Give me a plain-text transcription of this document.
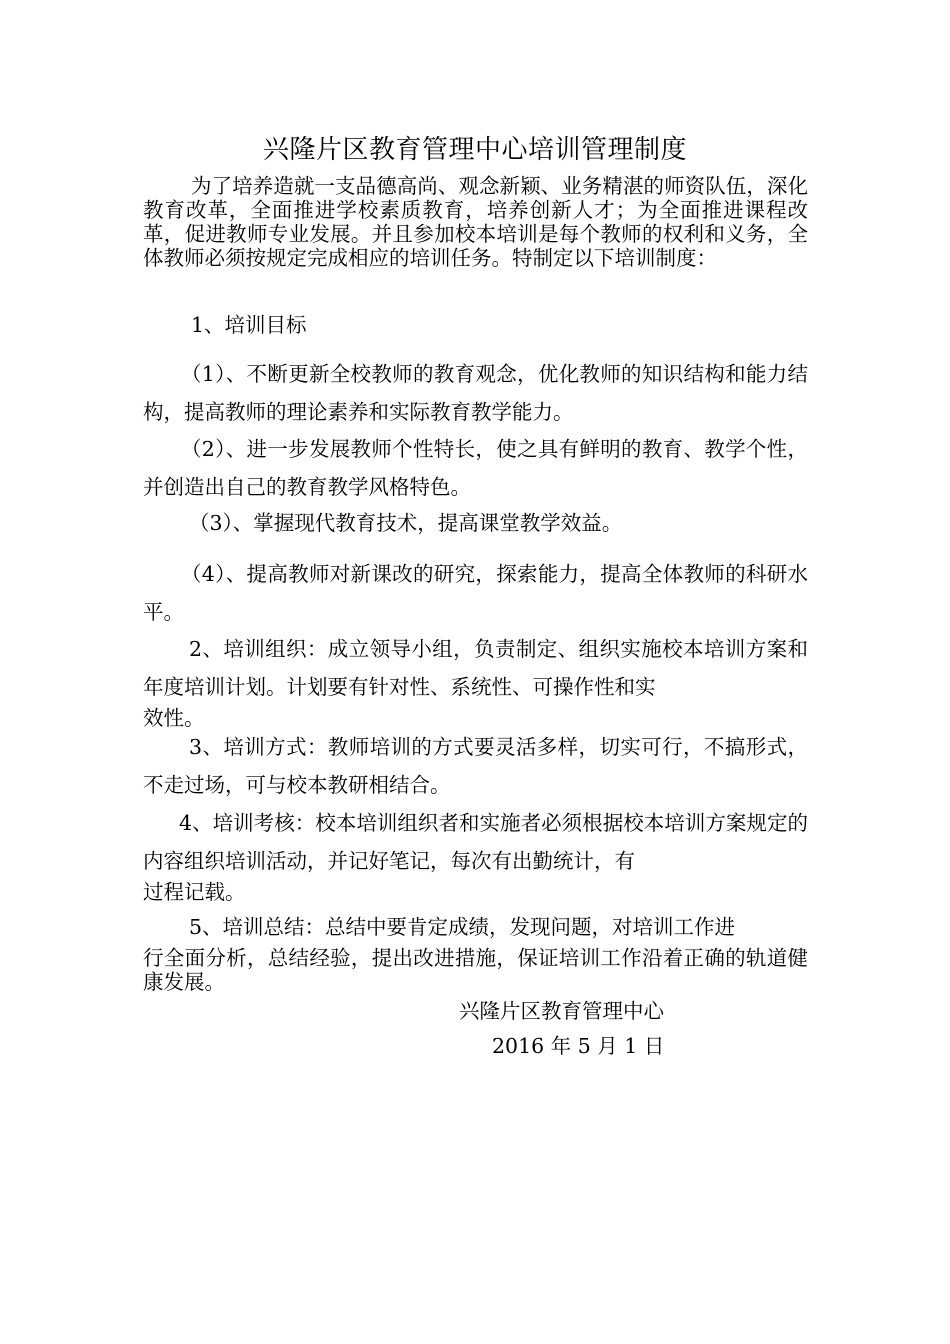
兴隆片区教育管理中心培训管理制度

为了培养造就一支品德高尚、观念新颖、业务精湛的师资队伍，深化教育改革，全面推进学校素质教育，培养创新人才；为全面推进课程改革，促进教师专业发展。并且参加校本培训是每个教师的权利和义务，全体教师必须按规定完成相应的培训任务。特制定以下培训制度：

1、培训目标

（1）、不断更新全校教师的教育观念，优化教师的知识结构和能力结构，提高教师的理论素养和实际教育教学能力。

（2）、进一步发展教师个性特长，使之具有鲜明的教育、教学个性，并创造出自己的教育教学风格特色。

（3）、掌握现代教育技术，提高课堂教学效益。

（4）、提高教师对新课改的研究，探索能力，提高全体教师的科研水平。

2、培训组织：成立领导小组，负责制定、组织实施校本培训方案和年度培训计划。计划要有针对性、系统性、可操作性和实

效性。

3、培训方式：教师培训的方式要灵活多样，切实可行，不搞形式，不走过场，可与校本教研相结合。

4、培训考核：校本培训组织者和实施者必须根据校本培训方案规定的内容组织培训活动，并记好笔记，每次有出勤统计，有

过程记载。

5、培训总结：总结中要肯定成绩，发现问题，对培训工作进

行全面分析，总结经验，提出改进措施，保证培训工作沿着正确的轨道健康发展。

兴隆片区教育管理中心
2016 年 5 月 1 日
